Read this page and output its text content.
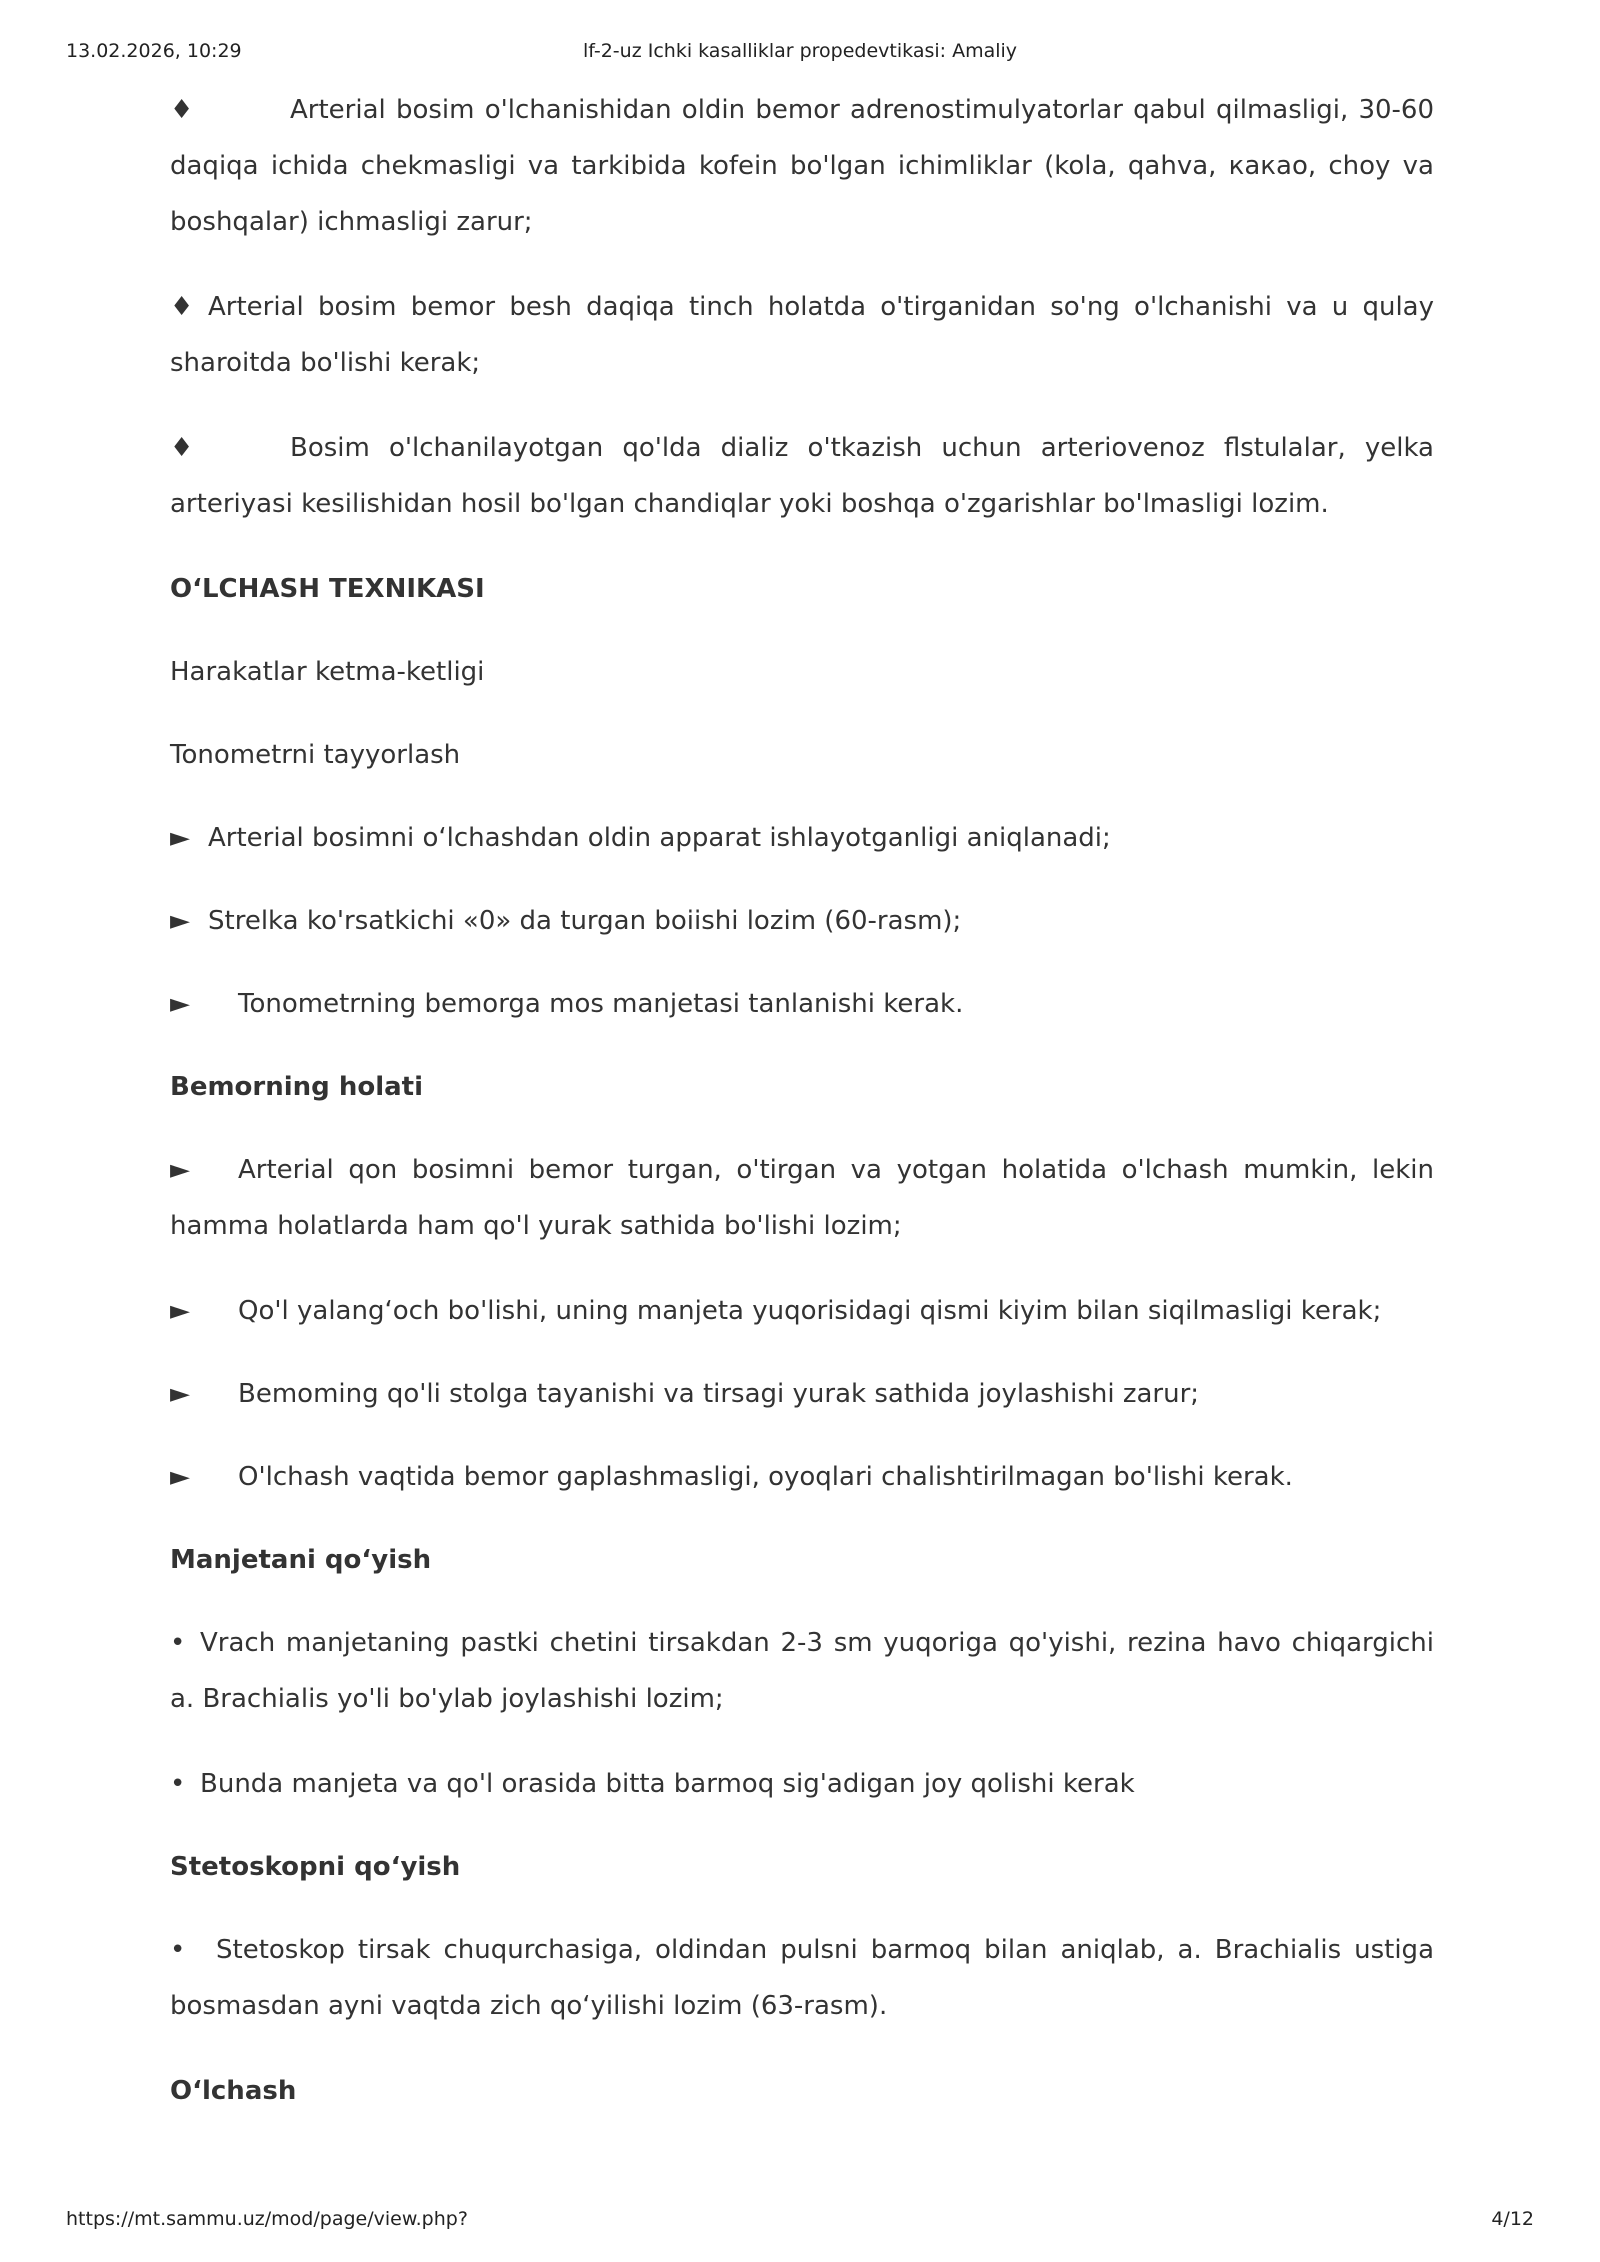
13.02.2026, 10:29	lf-2-uz Ichki kasalliklar propedevtikasi: Amaliy

♦	Arterial bosim o'lchanishidan oldin bemor adrenostimulyatorlar qabul qilmasligi, 30-60 daqiqa ichida chekmasligi va tarkibida kofein bo'lgan ichimliklar (kola, qahva, какао, choy va boshqalar) ichmasligi zarur;

♦ Arterial bosim bemor besh daqiqa tinch holatda o'tirganidan so'ng o'lchanishi va u qulay sharoitda bo'lishi kerak;

♦	Bosim o'lchanilayotgan qo'lda dializ o'tkazish uchun arteriovenoz flstulalar, yelka arteriyasi kesilishidan hosil bo'lgan chandiqlar yoki boshqa o'zgarishlar bo'lmasligi lozim.

O‘LCHASH TEXNIKASI
Harakatlar ketma-ketligi
Tonometrni tayyorlash
► Arterial bosimni o‘lchashdan oldin apparat ishlayotganligi aniqlanadi;
► Strelka ko'rsatkichi «0» da turgan boiishi lozim (60-rasm);
► Tonometrning bemorga mos manjetasi tanlanishi kerak.
Bemorning holati

► Arterial qon bosimni bemor turgan, o'tirgan va yotgan holatida o'lchash mumkin, lekin hamma holatlarda ham qo'l yurak sathida bo'lishi lozim;

► Qo'l yalang‘och bo'lishi, uning manjeta yuqorisidagi qismi kiyim bilan siqilmasligi kerak;
► Bemoming qo'li stolga tayanishi va tirsagi yurak sathida joylashishi zarur;
► O'lchash vaqtida bemor gaplashmasligi, oyoqlari chalishtirilmagan bo'lishi kerak.
Manjetani qo‘yish

• Vrach manjetaning pastki chetini tirsakdan 2-3 sm yuqoriga qo'yishi, rezina havo chiqargichi a. Brachialis yo'li bo'ylab joylashishi lozim;

• Bunda manjeta va qo'l orasida bitta barmoq sig'adigan joy qolishi kerak
Stetoskopni qo‘yish

• Stetoskop tirsak chuqurchasiga, oldindan pulsni barmoq bilan aniqlab, a. Brachialis ustiga bosmasdan ayni vaqtda zich qo‘yilishi lozim (63-rasm).

O‘lchash
https://mt.sammu.uz/mod/page/view.php?	4/12
